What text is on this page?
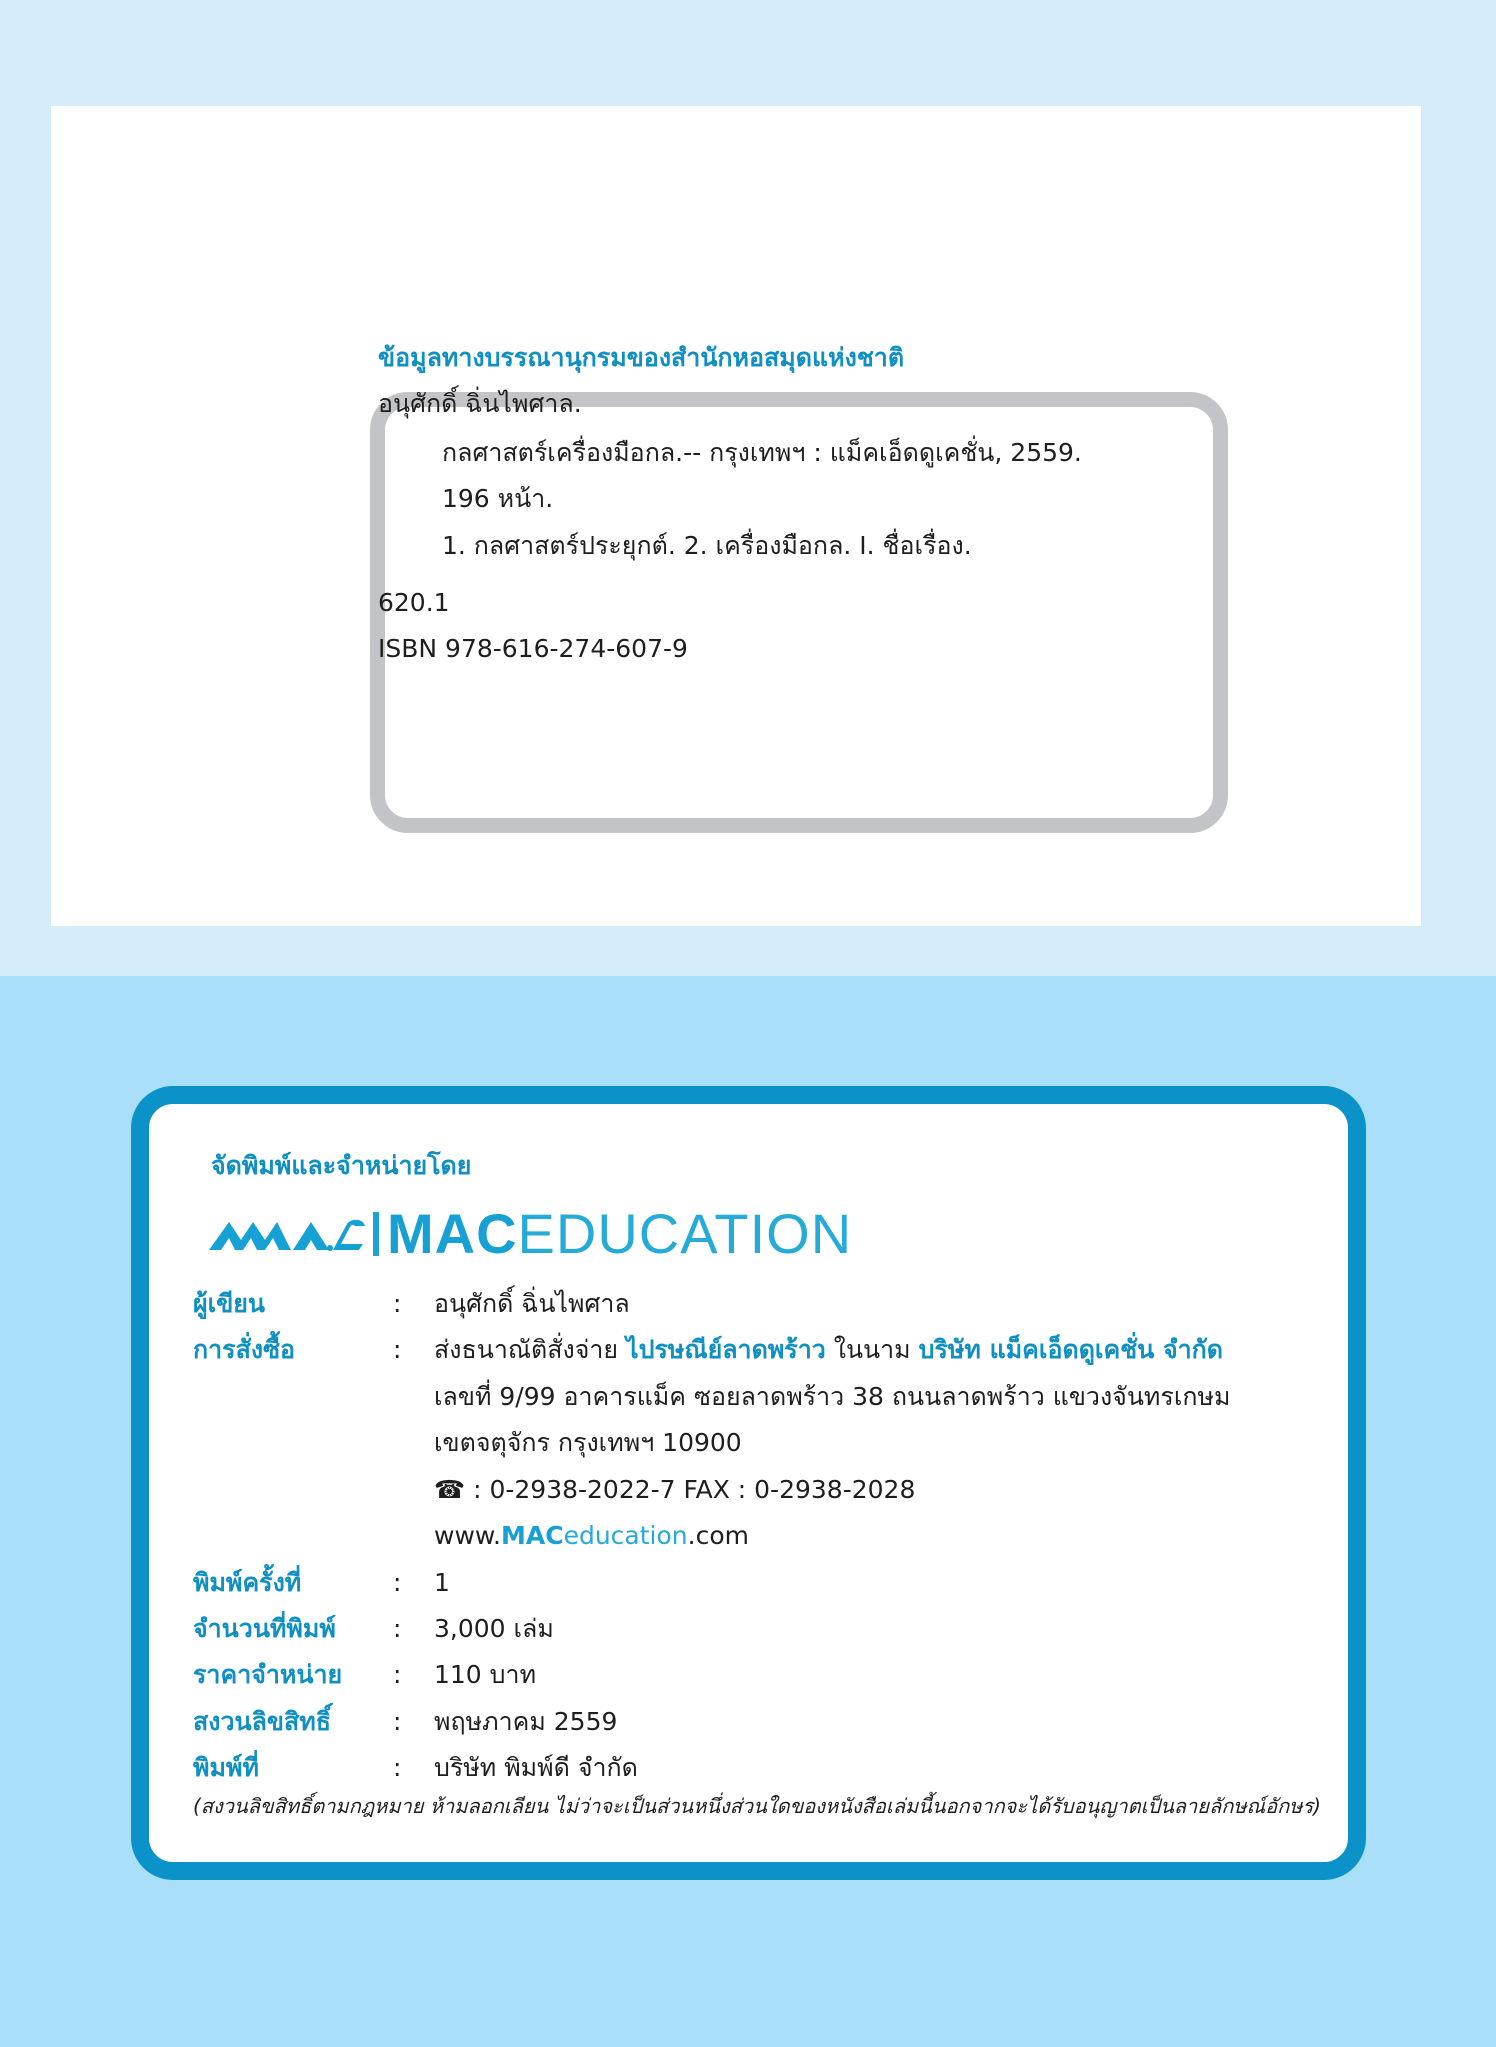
ข้อมูลทางบรรณานุกรมของสำนักหอสมุดแห่งชาติ
อนุศักดิ์ ฉิ่นไพศาล.
กลศาสตร์เครื่องมือกล.-- กรุงเทพฯ : แม็คเอ็ดดูเคชั่น, 2559.
196 หน้า.
1. กลศาสตร์ประยุกต์. 2. เครื่องมือกล. I. ชื่อเรื่อง.
620.1
ISBN 978-616-274-607-9
จัดพิมพ์และจำหน่ายโดย
MACEDUCATION
ผู้เขียน	: อนุศักดิ์ ฉิ่นไพศาล
การสั่งซื้อ	: ส่งธนาณัติสั่งจ่าย ไปรษณีย์ลาดพร้าว ในนาม บริษัท แม็คเอ็ดดูเคชั่น จำกัด
เลขที่ 9/99 อาคารแม็ค ซอยลาดพร้าว 38 ถนนลาดพร้าว แขวงจันทรเกษม
เขตจตุจักร กรุงเทพฯ 10900
☎ : 0-2938-2022-7 FAX : 0-2938-2028
www.MACeducation.com
พิมพ์ครั้งที่	: 1
จำนวนที่พิมพ์ : 3,000 เล่ม
ราคาจำหน่าย : 110 บาท
สงวนลิขสิทธิ์ : พฤษภาคม 2559
พิมพ์ที่	: บริษัท พิมพ์ดี จำกัด
(สงวนลิขสิทธิ์ตามกฎหมาย ห้ามลอกเลียน ไม่ว่าจะเป็นส่วนหนึ่งส่วนใดของหนังสือเล่มนี้นอกจากจะได้รับอนุญาตเป็นลายลักษณ์อักษร)
